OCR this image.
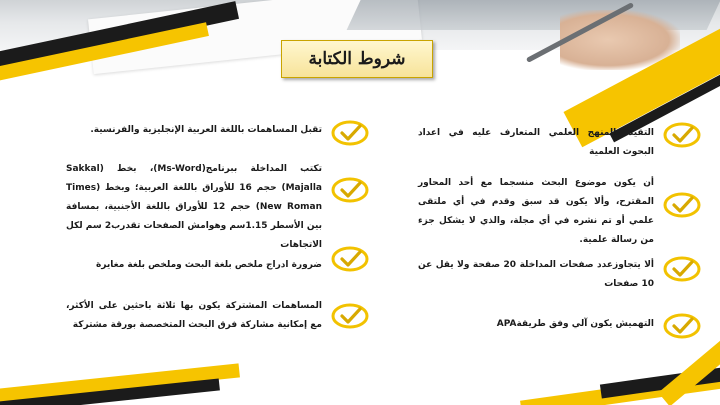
شروط الكتابة
التقيد بالمنهج العلمي المتعارف عليه في اعداد البحوث العلمية
أن يكون موضوع البحث منسجما مع أحد المحاور المقترح، وألا يكون قد سبق وقدم في أي ملتقى علمي أو تم نشره في أي مجلة، والذي لا يشكل جزء من رسالة علمية.
ألا يتجاوزعدد صفحات المداخلة 20 صفحة ولا يقل عن 10 صفحات
التهميش يكون آلي وفق طريقةAPA
تقبل المساهمات باللغة العربية الإنجليزية والفرنسية.
تكتب المداخلة ببرنامج(Ms-Word)، بخط (Sakkal Majalla) حجم 16 للأوراق باللغة العربية؛ وبخط (Times New Roman) حجم 12 للأوراق باللغة الأجنبية، بمسافة بين الأسطر 1.15سم وهوامش الصفحات تقدرب2 سم لكل الاتجاهات
ضرورة ادراج ملخص بلغة البحث وملخص بلغة مغايرة
المساهمات المشتركة يكون بها ثلاثة باحثين على الأكثر، مع إمكانية مشاركة فرق البحث المتخصصة بورقة مشتركة
